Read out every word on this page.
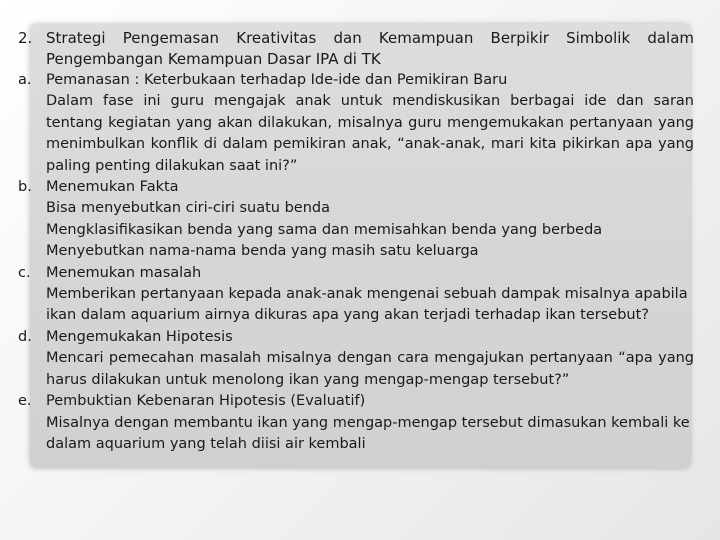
2. Strategi Pengemasan Kreativitas dan Kemampuan Berpikir Simbolik dalam Pengembangan Kemampuan Dasar IPA di TK
a.	Pemanasan : Keterbukaan terhadap Ide-ide dan Pemikiran Baru
Dalam fase ini guru mengajak anak untuk mendiskusikan berbagai ide dan saran tentang kegiatan yang akan dilakukan, misalnya guru mengemukakan pertanyaan yang menimbulkan konflik di dalam pemikiran anak, “anak-anak, mari kita pikirkan apa yang paling penting dilakukan saat ini?”
b. Menemukan Fakta
Bisa menyebutkan ciri-ciri suatu benda
Mengklasifikasikan benda yang sama dan memisahkan benda yang berbeda
Menyebutkan nama-nama benda yang masih satu keluarga
c.	Menemukan masalah
Memberikan pertanyaan kepada anak-anak mengenai sebuah dampak misalnya apabila ikan dalam aquarium airnya dikuras apa yang akan terjadi terhadap ikan tersebut?
d. Mengemukakan Hipotesis
Mencari pemecahan masalah misalnya dengan cara mengajukan pertanyaan “apa yang harus dilakukan untuk menolong ikan yang mengap-mengap tersebut?”
e. Pembuktian Kebenaran Hipotesis (Evaluatif)
Misalnya dengan membantu ikan yang mengap-mengap tersebut dimasukan kembali ke dalam aquarium yang telah diisi air kembali
